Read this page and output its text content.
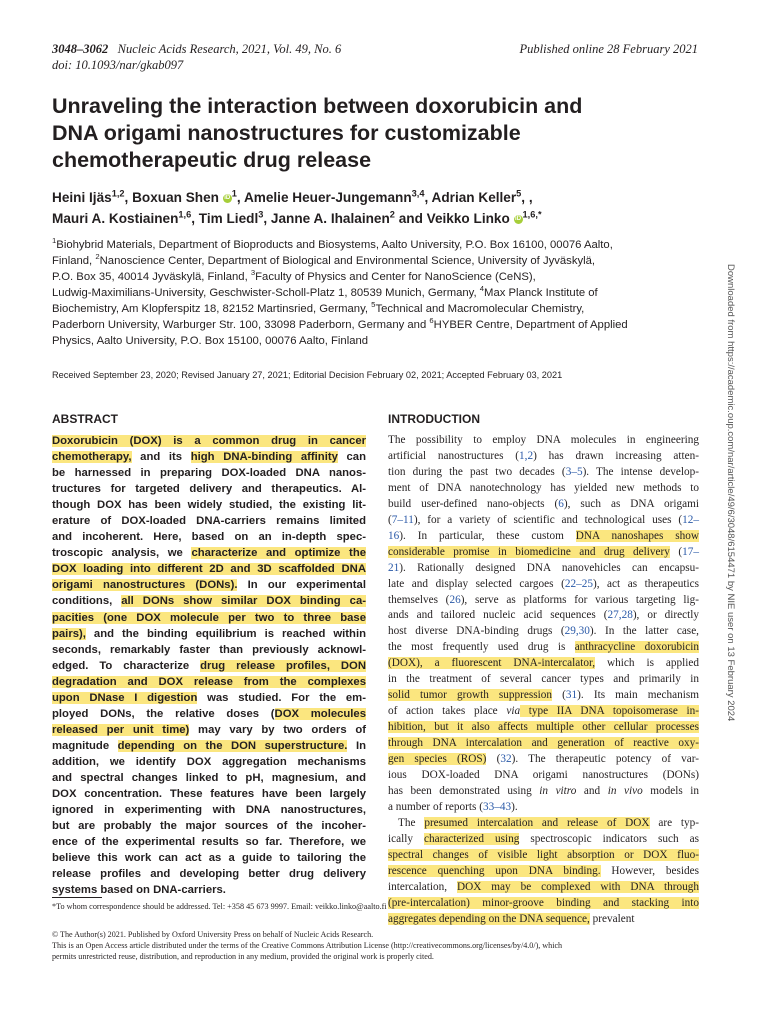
3048–3062 Nucleic Acids Research, 2021, Vol. 49, No. 6
doi: 10.1093/nar/gkab097
Published online 28 February 2021
Unraveling the interaction between doxorubicin and
DNA origami nanostructures for customizable
chemotherapeutic drug release
Heini Ijäs$^{1,2}$, Boxuan Shen iD $^1$, Amelie Heuer-Jungemann$^{3,4}$, Adrian Keller$^5$, ,
Mauri A. Kostiainen$^{1,6}$, Tim Liedl$^3$, Janne A. Ihalainen$^2$ and Veikko Linko iD $^{1,6,*}$
$^1$Biohybrid Materials, Department of Bioproducts and Biosystems, Aalto University, P.O. Box 16100, 00076 Aalto,
Finland, $^2$Nanoscience Center, Department of Biological and Environmental Science, University of Jyväskylä,
P.O. Box 35, 40014 Jyväskylä, Finland, $^3$Faculty of Physics and Center for NanoScience (CeNS),
Ludwig-Maximilians-University, Geschwister-Scholl-Platz 1, 80539 Munich, Germany, $^4$Max Planck Institute of
Biochemistry, Am Klopferspitz 18, 82152 Martinsried, Germany, $^5$Technical and Macromolecular Chemistry,
Paderborn University, Warburger Str. 100, 33098 Paderborn, Germany and $^6$HYBER Centre, Department of Applied
Physics, Aalto University, P.O. Box 15100, 00076 Aalto, Finland
Received September 23, 2020; Revised January 27, 2021; Editorial Decision February 02, 2021; Accepted February 03, 2021
ABSTRACT
Doxorubicin (DOX) is a common drug in cancer
chemotherapy, and its high DNA-binding affinity can
be harnessed in preparing DOX-loaded DNA nanos-
tructures for targeted delivery and therapeutics. Al-
though DOX has been widely studied, the existing lit-
erature of DOX-loaded DNA-carriers remains limited
and incoherent. Here, based on an in-depth spec-
troscopic analysis, we characterize and optimize the
DOX loading into different 2D and 3D scaffolded DNA
origami nanostructures (DONs). In our experimental
conditions, all DONs show similar DOX binding ca-
pacities (one DOX molecule per two to three base
pairs), and the binding equilibrium is reached within
seconds, remarkably faster than previously acknowl-
edged. To characterize drug release profiles, DON
degradation and DOX release from the complexes
upon DNase I digestion was studied. For the em-
ployed DONs, the relative doses (DOX molecules
released per unit time) may vary by two orders of
magnitude depending on the DON superstructure. In
addition, we identify DOX aggregation mechanisms
and spectral changes linked to pH, magnesium, and
DOX concentration. These features have been largely
ignored in experimenting with DNA nanostructures,
but are probably the major sources of the incoher-
ence of the experimental results so far. Therefore, we
believe this work can act as a guide to tailoring the
release profiles and developing better drug delivery
systems based on DNA-carriers.
INTRODUCTION
The possibility to employ DNA molecules in engineering
artificial nanostructures (1,2) has drawn increasing atten-
tion during the past two decades (3–5). The intense develop-
ment of DNA nanotechnology has yielded new methods to
build user-defined nano-objects (6), such as DNA origami
(7–11), for a variety of scientific and technological uses (12–
16). In particular, these custom DNA nanoshapes show
considerable promise in biomedicine and drug delivery (17–
21). Rationally designed DNA nanovehicles can encapsu-
late and display selected cargoes (22–25), act as therapeutics
themselves (26), serve as platforms for various targeting lig-
ands and tailored nucleic acid sequences (27,28), or directly
host diverse DNA-binding drugs (29,30). In the latter case,
the most frequently used drug is anthracycline doxorubicin
(DOX), a fluorescent DNA-intercalator, which is applied
in the treatment of several cancer types and primarily in
solid tumor growth suppression (31). Its main mechanism
of action takes place via type IIA DNA topoisomerase in-
hibition, but it also affects multiple other cellular processes
through DNA intercalation and generation of reactive oxy-
gen species (ROS) (32). The therapeutic potency of var-
ious DOX-loaded DNA origami nanostructures (DONs)
has been demonstrated using in vitro and in vivo models in
a number of reports (33–43).
The presumed intercalation and release of DOX are typ-
ically characterized using spectroscopic indicators such as
spectral changes of visible light absorption or DOX fluo-
rescence quenching upon DNA binding. However, besides
intercalation, DOX may be complexed with DNA through
(pre-intercalation) minor-groove binding and stacking into
aggregates depending on the DNA sequence, prevalent
Downloaded from https://academic.oup.com/nar/article/49/6/3048/6154471 by NIE user on 13 February 2024
*To whom correspondence should be addressed. Tel: +358 45 673 9997. Email: veikko.linko@aalto.fi
© The Author(s) 2021. Published by Oxford University Press on behalf of Nucleic Acids Research.
This is an Open Access article distributed under the terms of the Creative Commons Attribution License (http://creativecommons.org/licenses/by/4.0/), which
permits unrestricted reuse, distribution, and reproduction in any medium, provided the original work is properly cited.
